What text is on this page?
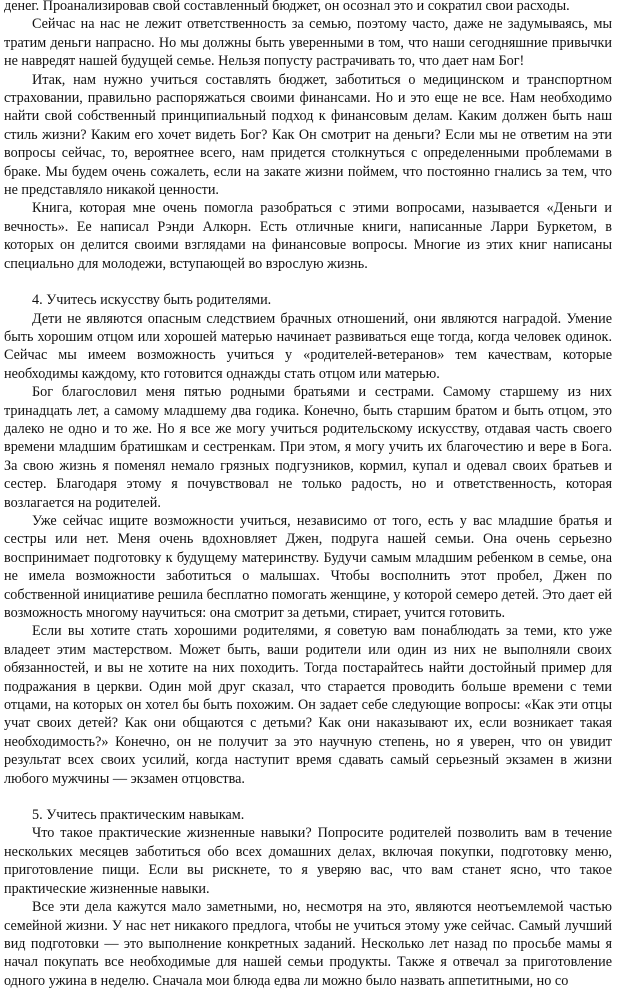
денег. Проанализировав свой составленный бюджет, он осознал это и сократил свои расходы.

Сейчас на нас не лежит ответственность за семью, поэтому часто, даже не задумываясь, мы тратим деньги напрасно. Но мы должны быть уверенными в том, что наши сегодняшние привычки не навредят нашей будущей семье. Нельзя попусту растрачивать то, что дает нам Бог!

Итак, нам нужно учиться составлять бюджет, заботиться о медицинском и транспортном страховании, правильно распоряжаться своими финансами. Но и это еще не все. Нам необходимо найти свой собственный принципиальный подход к финансовым делам. Каким должен быть наш стиль жизни? Каким его хочет видеть Бог? Как Он смотрит на деньги? Если мы не ответим на эти вопросы сейчас, то, вероятнее всего, нам придется столкнуться с определенными проблемами в браке. Мы будем очень сожалеть, если на закате жизни поймем, что постоянно гнались за тем, что не представляло никакой ценности.

Книга, которая мне очень помогла разобраться с этими вопросами, называется «Деньги и вечность». Ее написал Рэнди Алкорн. Есть отличные книги, написанные Ларри Буркетом, в которых он делится своими взглядами на финансовые вопросы. Многие из этих книг написаны специально для молодежи, вступающей во взрослую жизнь.

4. Учитесь искусству быть родителями.

Дети не являются опасным следствием брачных отношений, они являются наградой. Умение быть хорошим отцом или хорошей матерью начинает развиваться еще тогда, когда человек одинок. Сейчас мы имеем возможность учиться у «родителей-ветеранов» тем качествам, которые необходимы каждому, кто готовится однажды стать отцом или матерью.

Бог благословил меня пятью родными братьями и сестрами. Самому старшему из них тринадцать лет, а самому младшему два годика. Конечно, быть старшим братом и быть отцом, это далеко не одно и то же. Но я все же могу учиться родительскому искусству, отдавая часть своего времени младшим братишкам и сестренкам. При этом, я могу учить их благочестию и вере в Бога. За свою жизнь я поменял немало грязных подгузников, кормил, купал и одевал своих братьев и сестер. Благодаря этому я почувствовал не только радость, но и ответственность, которая возлагается на родителей.

Уже сейчас ищите возможности учиться, независимо от того, есть у вас младшие братья и сестры или нет. Меня очень вдохновляет Джен, подруга нашей семьи. Она очень серьезно воспринимает подготовку к будущему материнству. Будучи самым младшим ребенком в семье, она не имела возможности заботиться о малышах. Чтобы восполнить этот пробел, Джен по собственной инициативе решила бесплатно помогать женщине, у которой семеро детей. Это дает ей возможность многому научиться: она смотрит за детьми, стирает, учится готовить.

Если вы хотите стать хорошими родителями, я советую вам понаблюдать за теми, кто уже владеет этим мастерством. Может быть, ваши родители или один из них не выполняли своих обязанностей, и вы не хотите на них походить. Тогда постарайтесь найти достойный пример для подражания в церкви. Один мой друг сказал, что старается проводить больше времени с теми отцами, на которых он хотел бы быть похожим. Он задает себе следующие вопросы: «Как эти отцы учат своих детей? Как они общаются с детьми? Как они наказывают их, если возникает такая необходимость?» Конечно, он не получит за это научную степень, но я уверен, что он увидит результат всех своих усилий, когда наступит время сдавать самый серьезный экзамен в жизни любого мужчины — экзамен отцовства.

5. Учитесь практическим навыкам.

Что такое практические жизненные навыки? Попросите родителей позволить вам в течение нескольких месяцев заботиться обо всех домашних делах, включая покупки, подготовку меню, приготовление пищи. Если вы рискнете, то я уверяю вас, что вам станет ясно, что такое практические жизненные навыки.

Все эти дела кажутся мало заметными, но, несмотря на это, являются неотъемлемой частью семейной жизни. У нас нет никакого предлога, чтобы не учиться этому уже сейчас. Самый лучший вид подготовки — это выполнение конкретных заданий. Несколько лет назад по просьбе мамы я начал покупать все необходимые для нашей семьи продукты. Также я отвечал за приготовление одного ужина в неделю. Сначала мои блюда едва ли можно было назвать аппетитными, но со
